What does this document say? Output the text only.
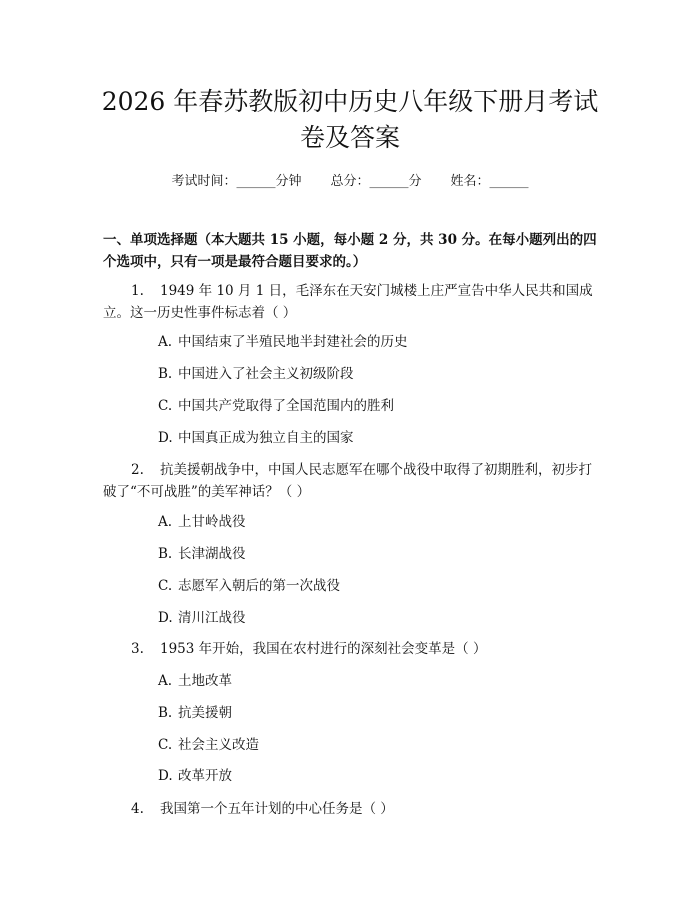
2026 年春苏教版初中历史八年级下册月考试
卷及答案
考试时间：______分钟 总分：______分 姓名：______
一、单项选择题（本大题共 15 小题，每小题 2 分，共 30 分。在每小题列出的四
个选项中，只有一项是最符合题目要求的。）
1. 1949 年 10 月 1 日，毛泽东在天安门城楼上庄严宣告中华人民共和国成
立。这一历史性事件标志着（ ）
A. 中国结束了半殖民地半封建社会的历史
B. 中国进入了社会主义初级阶段
C. 中国共产党取得了全国范围内的胜利
D. 中国真正成为独立自主的国家
2. 抗美援朝战争中，中国人民志愿军在哪个战役中取得了初期胜利，初步打
破了“不可战胜”的美军神话？（ ）
A. 上甘岭战役
B. 长津湖战役
C. 志愿军入朝后的第一次战役
D. 清川江战役
3. 1953 年开始，我国在农村进行的深刻社会变革是（ ）
A. 土地改革
B. 抗美援朝
C. 社会主义改造
D. 改革开放
4. 我国第一个五年计划的中心任务是（ ）
